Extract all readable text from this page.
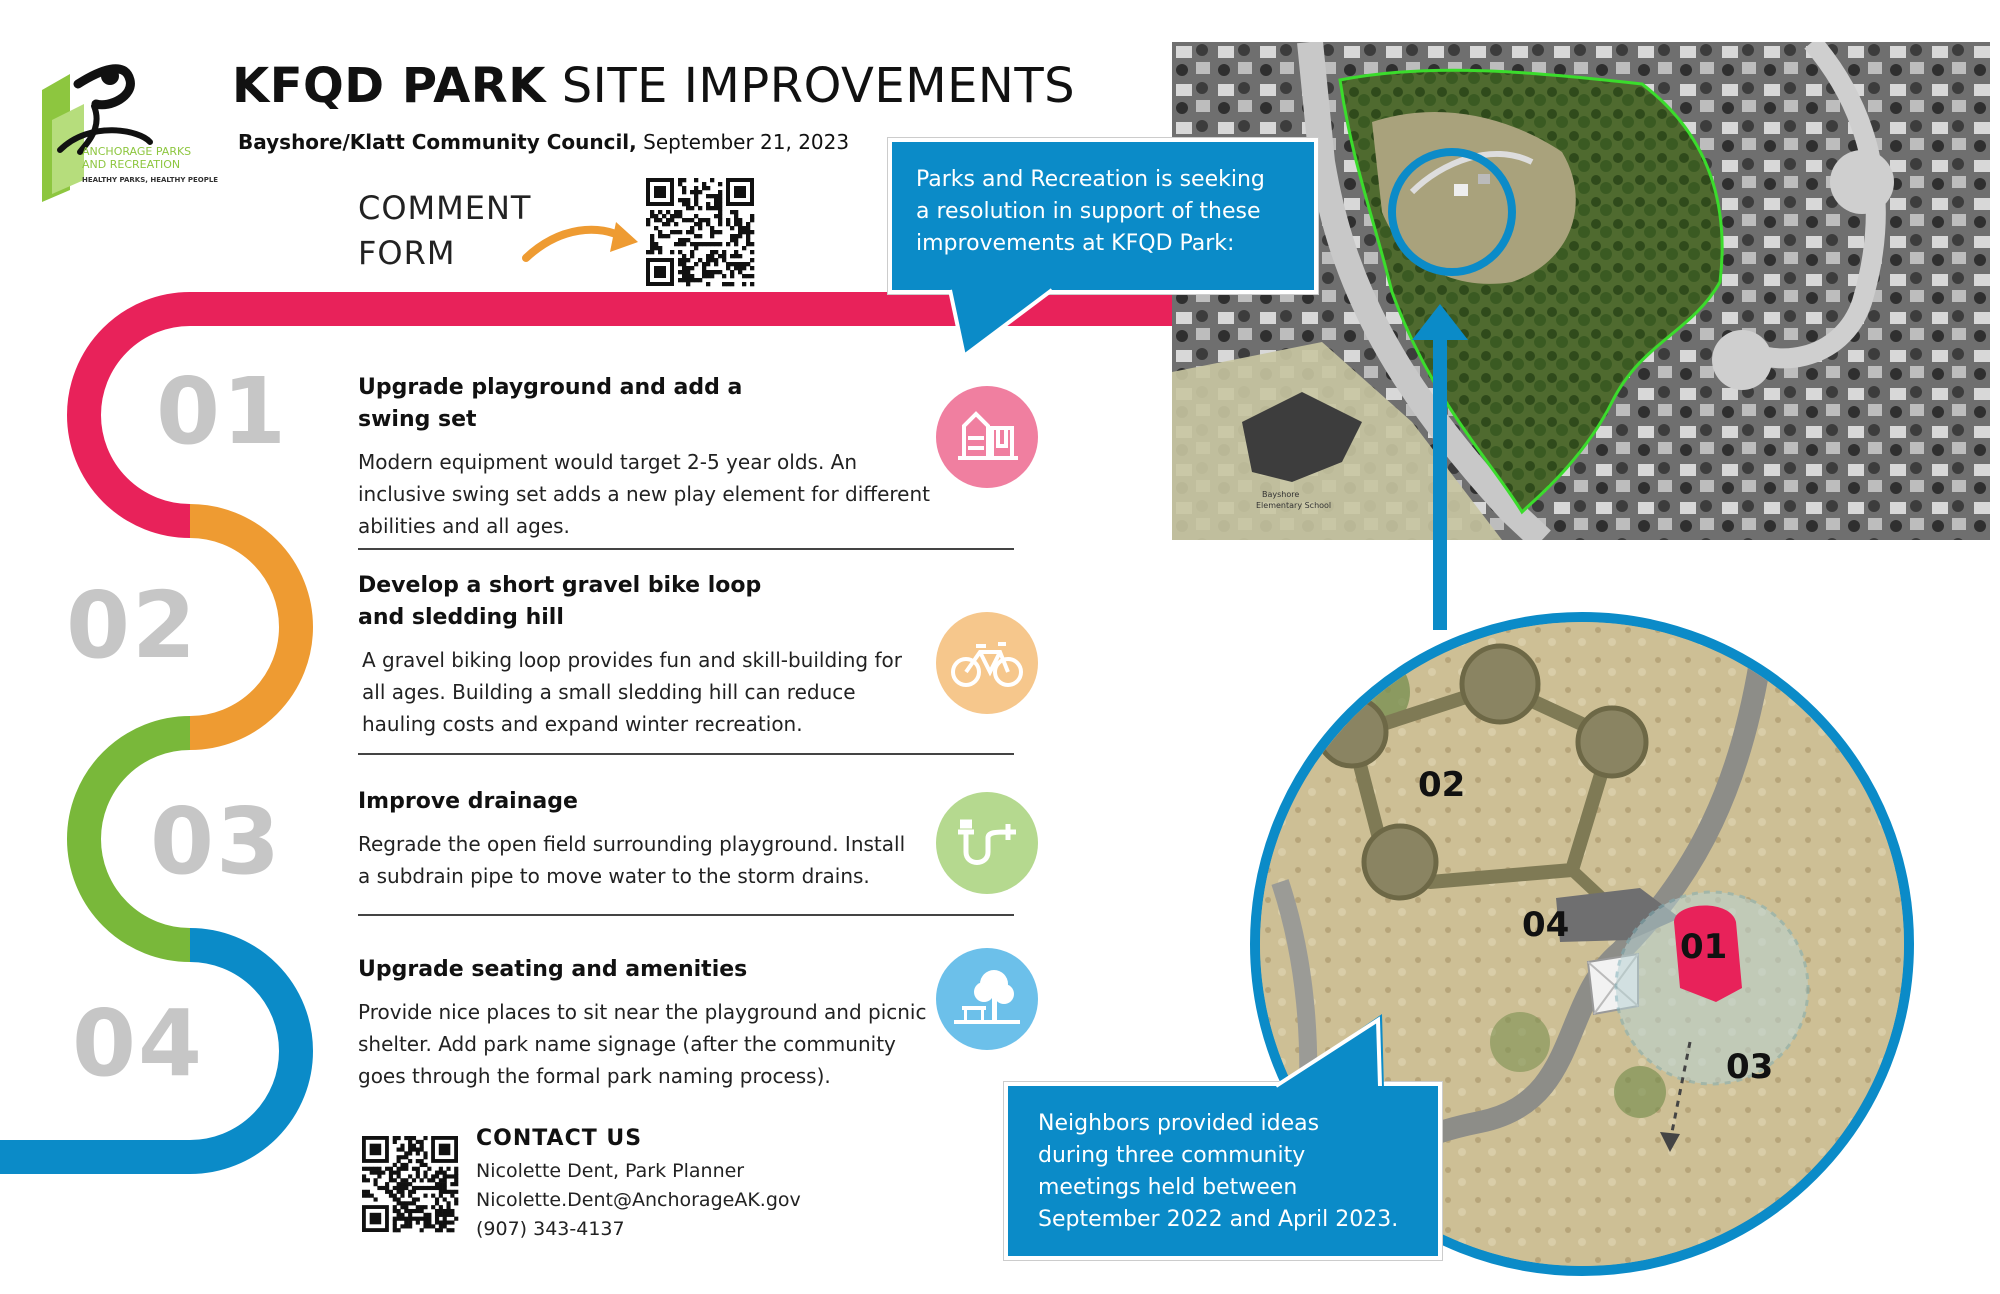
ANCHORAGE PARKS
AND RECREATION
HEALTHY PARKS, HEALTHY PEOPLE
KFQD PARK SITE IMPROVEMENTS
Bayshore/Klatt Community Council, September 21, 2023
COMMENT
FORM
01	Upgrade playground and add a
swing set
Modern equipment would target 2-5 year olds. An
inclusive swing set adds a new play element for different
abilities and all ages.
02	Develop a short gravel bike loop
and sledding hill
A gravel biking loop provides fun and skill-building for
all ages. Building a small sledding hill can reduce
hauling costs and expand winter recreation.
03	Improve drainage
Regrade the open field surrounding playground. Install
a subdrain pipe to move water to the storm drains.
04
Upgrade seating and amenities
Provide nice places to sit near the playground and picnic
shelter. Add park name signage (after the community
goes through the formal park naming process).
CONTACT US
Nicolette Dent, Park Planner
Nicolette.Dent@AnchorageAK.gov
(907) 343-4137
Bayshore
Elementary School
02
04
01
03
Parks and Recreation is seeking
a resolution in support of these
improvements at KFQD Park:
Neighbors provided ideas
during three community
meetings held between
September 2022 and April 2023.
